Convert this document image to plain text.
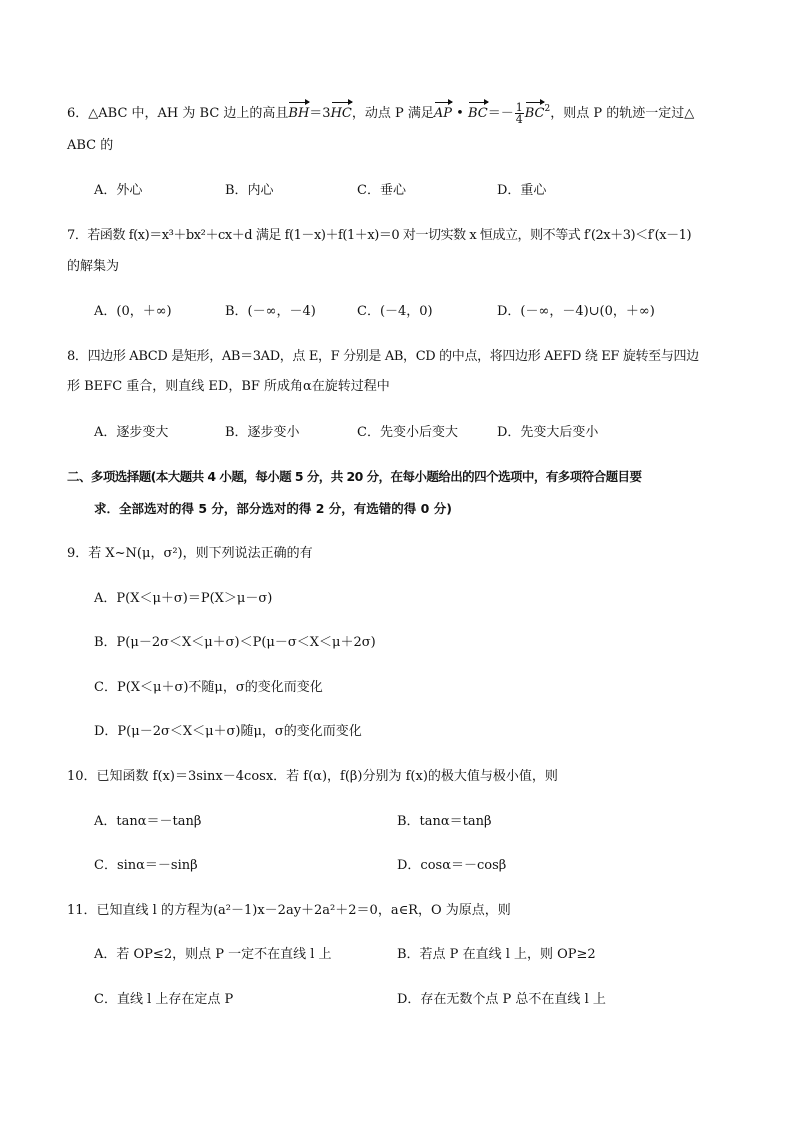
6．△ABC 中，AH 为 BC 边上的高且BH＝3HC，动点 P 满足AP • $BC=- \frac{1}{4} BC^2$，则点 P 的轨迹一定过△
ABC 的
A．外心	B．内心	C．垂心	D．重心
7．若函数 f(x)＝x³＋bx²＋cx＋d 满足 f(1－x)＋f(1＋x)＝0 对一切实数 x 恒成立，则不等式 f′(2x＋3)＜f′(x－1)
的解集为
A．(0，＋∞)	B．(－∞，－4)	C．(－4，0)	D．(－∞，－4)∪(0，＋∞)
8．四边形 ABCD 是矩形，AB＝3AD，点 E，F 分别是 AB，CD 的中点，将四边形 AEFD 绕 EF 旋转至与四边
形 BEFC 重合，则直线 ED，BF 所成角α在旋转过程中
A．逐步变大	B．逐步变小	C．先变小后变大	D．先变大后变小
二、多项选择题(本大题共 4 小题，每小题 5 分，共 20 分，在每小题给出的四个选项中，有多项符合题目要
求．全部选对的得 5 分，部分选对的得 2 分，有选错的得 0 分)
9．若 X~N(μ，σ²)，则下列说法正确的有
A．P(X＜μ＋σ)＝P(X＞μ－σ)
B．P(μ－2σ＜X＜μ＋σ)＜P(μ－σ＜X＜μ＋2σ)
C．P(X＜μ＋σ)不随μ，σ的变化而变化
D．P(μ－2σ＜X＜μ＋σ)随μ，σ的变化而变化
10．已知函数 f(x)＝3sinx－4cosx．若 f(α)，f(β)分别为 f(x)的极大值与极小值，则
A．tanα＝－tanβ	B．tanα＝tanβ
C．sinα＝－sinβ	D．cosα＝－cosβ
11．已知直线 l 的方程为(a²－1)x－2ay＋2a²＋2＝0，a∈R，O 为原点，则
A．若 OP≤2，则点 P 一定不在直线 l 上	B．若点 P 在直线 l 上，则 OP≥2
C．直线 l 上存在定点 P	D．存在无数个点 P 总不在直线 l 上
